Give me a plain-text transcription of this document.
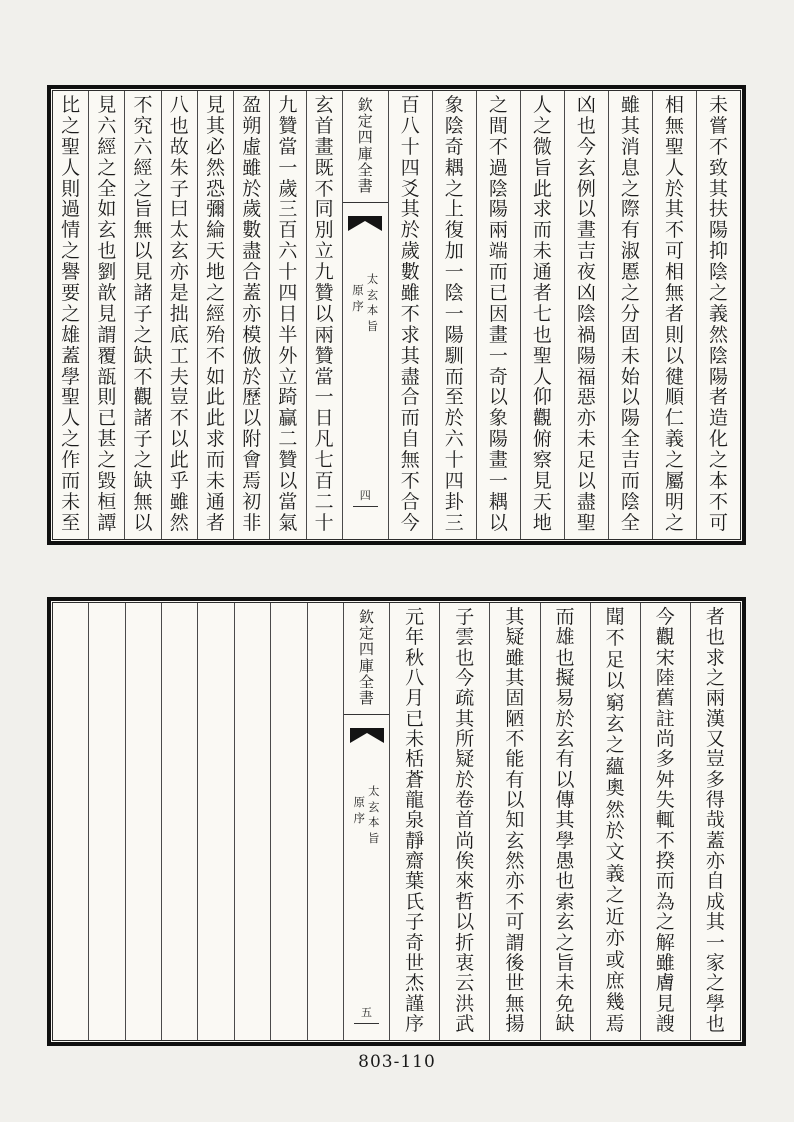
未
嘗
不
致
其
扶
陽
抑
陰
之
義
然
陰
陽
者
造
化
之
本
不
可
相
無
聖
人
於
其
不
可
相
無
者
則
以
徤
順
仁
義
之
屬
明
之
雖
其
消
息
之
際
有
淑
慝
之
分
固
未
始
以
陽
全
吉
而
陰
全
凶
也
今
玄
例
以
晝
吉
夜
凶
陰
禍
陽
福
惡
亦
未
足
以
盡
聖
人
之
微
旨
此
求
而
未
通
者
七
也
聖
人
仰
觀
俯
察
見
天
地
之
間
不
過
陰
陽
兩
端
而
已
因
畫
一
奇
以
象
陽
畫
一
耦
以
象
陰
奇
耦
之
上
復
加
一
陰
一
陽
馴
而
至
於
六
十
四
卦
三
百
八
十
四
爻
其
於
歲
數
雖
不
求
其
盡
合
而
自
無
不
合
今
欽
定
四
庫
全
書
太
玄
本
旨
原
序
四
玄
首
畫
既
不
同
別
立
九
贊
以
兩
贊
當
一
日
凡
七
百
二
十
九
贊
當
一
歲
三
百
六
十
四
日
半
外
立
踦
贏
二
贊
以
當
氣
盈
朔
虛
雖
於
歲
數
盡
合
蓋
亦
模
倣
於
歷
以
附
會
焉
初
非
見
其
必
然
恐
彌
綸
天
地
之
經
殆
不
如
此
此
求
而
未
通
者
八
也
故
朱
子
曰
太
玄
亦
是
拙
底
工
夫
豈
不
以
此
乎
雖
然
不
究
六
經
之
旨
無
以
見
諸
子
之
缺
不
觀
諸
子
之
缺
無
以
見
六
經
之
全
如
玄
也
劉
歆
見
謂
覆
瓿
則
已
甚
之
毀
桓
譚
比
之
聖
人
則
過
情
之
譽
要
之
雄
蓋
學
聖
人
之
作
而
未
至
者
也
求
之
兩
漢
又
豈
多
得
哉
蓋
亦
自
成
其
一
家
之
學
也
今
觀
宋
陸
舊
註
尚
多
舛
失
輒
不
揆
而
為
之
解
雖
膚
見
謏
聞
不
足
以
窮
玄
之
蘊
奧
然
於
文
義
之
近
亦
或
庶
幾
焉
而
雄
也
擬
易
於
玄
有
以
傳
其
學
愚
也
索
玄
之
旨
未
免
缺
其
疑
雖
其
固
陋
不
能
有
以
知
玄
然
亦
不
可
謂
後
世
無
揚
子
雲
也
今
疏
其
所
疑
於
卷
首
尚
俟
來
哲
以
折
衷
云
洪
武
元
年
秋
八
月
已
未
栝
蒼
龍
泉
靜
齋
葉
氏
子
奇
世
杰
謹
序
欽
定
四
庫
全
書
太
玄
本
旨
原
序
五
803-110
